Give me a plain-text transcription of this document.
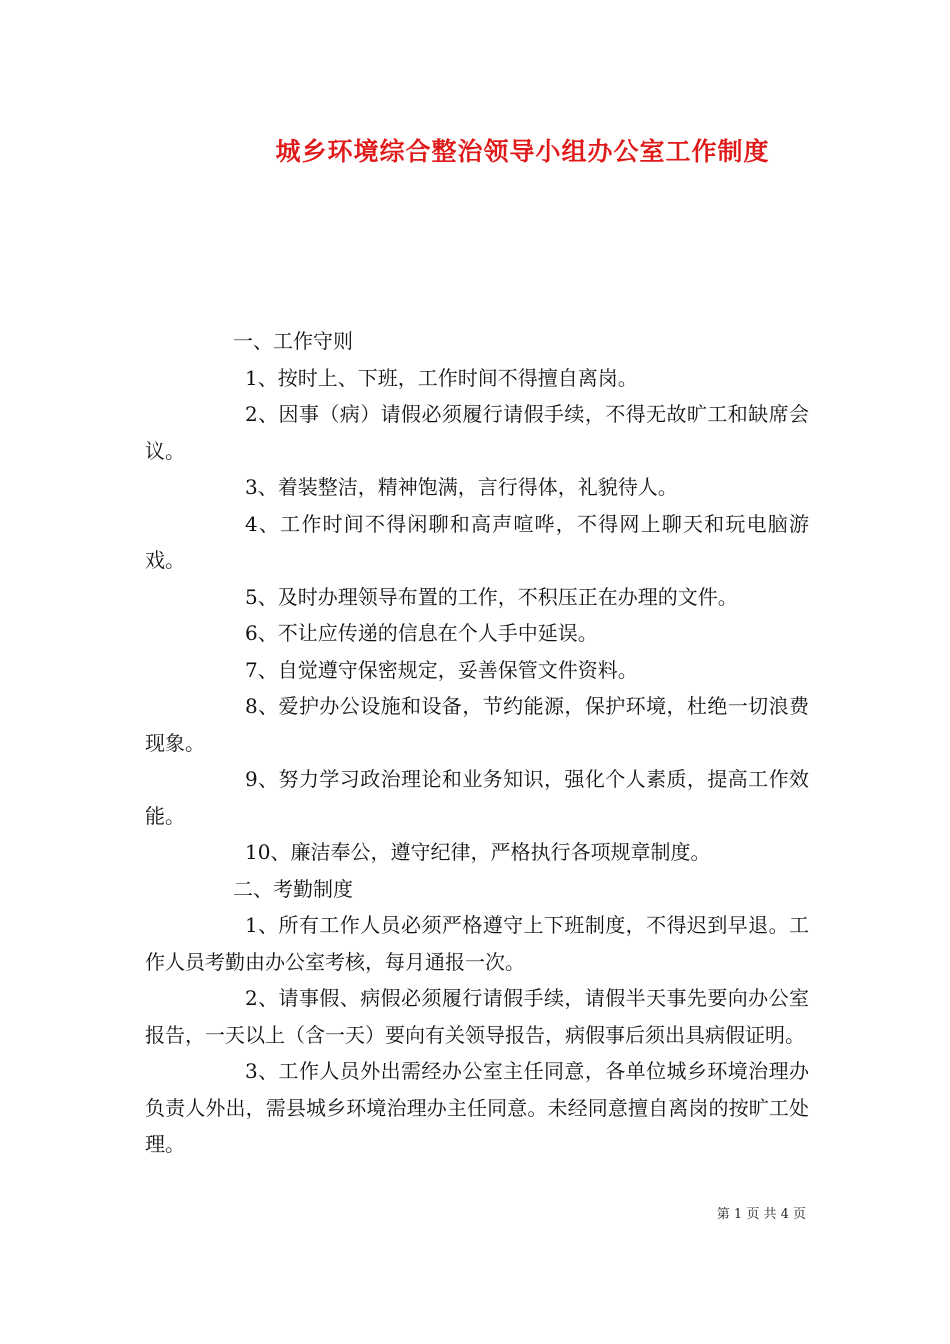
城乡环境综合整治领导小组办公室工作制度

一、工作守则

1、按时上、下班，工作时间不得擅自离岗。

2、因事（病）请假必须履行请假手续，不得无故旷工和缺席会议。

3、着装整洁，精神饱满，言行得体，礼貌待人。

4、工作时间不得闲聊和高声喧哗，不得网上聊天和玩电脑游戏。

5、及时办理领导布置的工作，不积压正在办理的文件。

6、不让应传递的信息在个人手中延误。

7、自觉遵守保密规定，妥善保管文件资料。

8、爱护办公设施和设备，节约能源，保护环境，杜绝一切浪费现象。

9、努力学习政治理论和业务知识，强化个人素质，提高工作效能。

10、廉洁奉公，遵守纪律，严格执行各项规章制度。

二、考勤制度

1、所有工作人员必须严格遵守上下班制度，不得迟到早退。工作人员考勤由办公室考核，每月通报一次。

2、请事假、病假必须履行请假手续，请假半天事先要向办公室报告，一天以上（含一天）要向有关领导报告，病假事后须出具病假证明。

3、工作人员外出需经办公室主任同意，各单位城乡环境治理办负责人外出，需县城乡环境治理办主任同意。未经同意擅自离岗的按旷工处理。

第 1 页 共 4 页
